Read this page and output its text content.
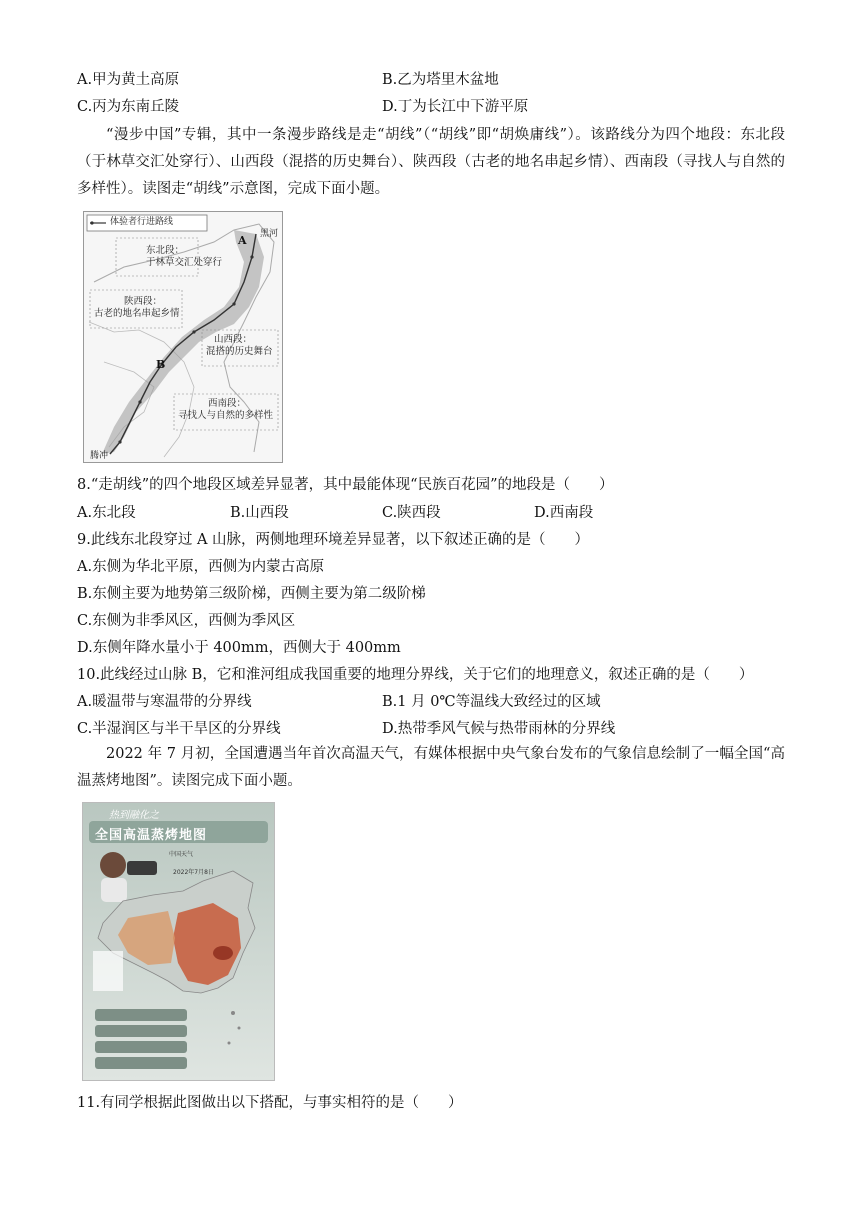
A.甲为黄土高原	B.乙为塔里木盆地
C.丙为东南丘陵	D.丁为长江中下游平原
“漫步中国”专辑，其中一条漫步路线是走“胡线”（“胡线”即“胡焕庸线”）。该路线分为四个地段：东北段（于林草交汇处穿行）、山西段（混搭的历史舞台）、陕西段（古老的地名串起乡情）、西南段（寻找人与自然的多样性）。读图走“胡线”示意图，完成下面小题。
体验者行进路线
东北段：
于林草交汇处穿行
陕西段：
古老的地名串起乡情
山西段：
混搭的历史舞台
西南段：
寻找人与自然的多样性
黑河
腾冲
A
B
8.“走胡线”的四个地段区域差异显著，其中最能体现“民族百花园”的地段是（　　）
A.东北段	B.山西段	C.陕西段	D.西南段
9.此线东北段穿过 A 山脉，两侧地理环境差异显著，以下叙述正确的是（　　）
A.东侧为华北平原，西侧为内蒙古高原
B.东侧主要为地势第三级阶梯，西侧主要为第二级阶梯
C.东侧为非季风区，西侧为季风区
D.东侧年降水量小于 400mm，西侧大于 400mm
10.此线经过山脉 B，它和淮河组成我国重要的地理分界线，关于它们的地理意义，叙述正确的是（　　）
A.暖温带与寒温带的分界线	B.1 月 0℃等温线大致经过的区域
C.半湿润区与半干旱区的分界线	D.热带季风气候与热带雨林的分界线
2022 年 7 月初，全国遭遇当年首次高温天气，有媒体根据中央气象台发布的气象信息绘制了一幅全国“高温蒸烤地图”。读图完成下面小题。
热到融化之
全国高温蒸烤地图
中国天气
2022年7月8日
11.有同学根据此图做出以下搭配，与事实相符的是（　　）
